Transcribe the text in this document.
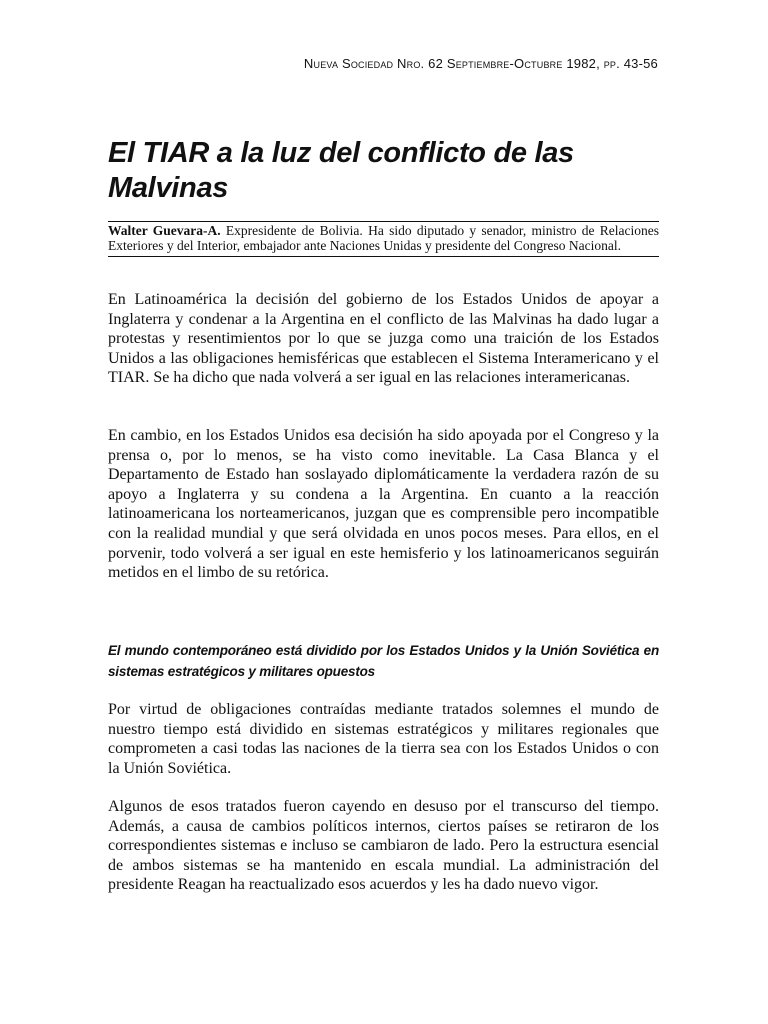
Nueva Sociedad Nro. 62 Septiembre-Octubre 1982, pp. 43-56
El TIAR a la luz del conflicto de las Malvinas
Walter Guevara-A. Expresidente de Bolivia. Ha sido diputado y senador, ministro de Relaciones Exteriores y del Interior, embajador ante Naciones Unidas y presidente del Congreso Nacional.

En Latinoamérica la decisión del gobierno de los Estados Unidos de apoyar a Inglaterra y condenar a la Argentina en el conflicto de las Malvinas ha dado lugar a protestas y resentimientos por lo que se juzga como una traición de los Estados Unidos a las obligaciones hemisféricas que establecen el Sistema Interamericano y el TIAR. Se ha dicho que nada volverá a ser igual en las relaciones interamericanas.

En cambio, en los Estados Unidos esa decisión ha sido apoyada por el Congreso y la prensa o, por lo menos, se ha visto como inevitable. La Casa Blanca y el Departamento de Estado han soslayado diplomáticamente la verdadera razón de su apoyo a Inglaterra y su condena a la Argentina. En cuanto a la reacción latinoamericana los norteamericanos, juzgan que es comprensible pero incompatible con la realidad mundial y que será olvidada en unos pocos meses. Para ellos, en el porvenir, todo volverá a ser igual en este hemisferio y los latinoamericanos seguirán metidos en el limbo de su retórica.

El mundo contemporáneo está dividido por los Estados Unidos y la Unión Soviética en sistemas estratégicos y militares opuestos

Por virtud de obligaciones contraídas mediante tratados solemnes el mundo de nuestro tiempo está dividido en sistemas estratégicos y militares regionales que comprometen a casi todas las naciones de la tierra sea con los Estados Unidos o con la Unión Soviética.

Algunos de esos tratados fueron cayendo en desuso por el transcurso del tiempo. Además, a causa de cambios políticos internos, ciertos países se retiraron de los correspondientes sistemas e incluso se cambiaron de lado. Pero la estructura esencial de ambos sistemas se ha mantenido en escala mundial. La administración del presidente Reagan ha reactualizado esos acuerdos y les ha dado nuevo vigor.
